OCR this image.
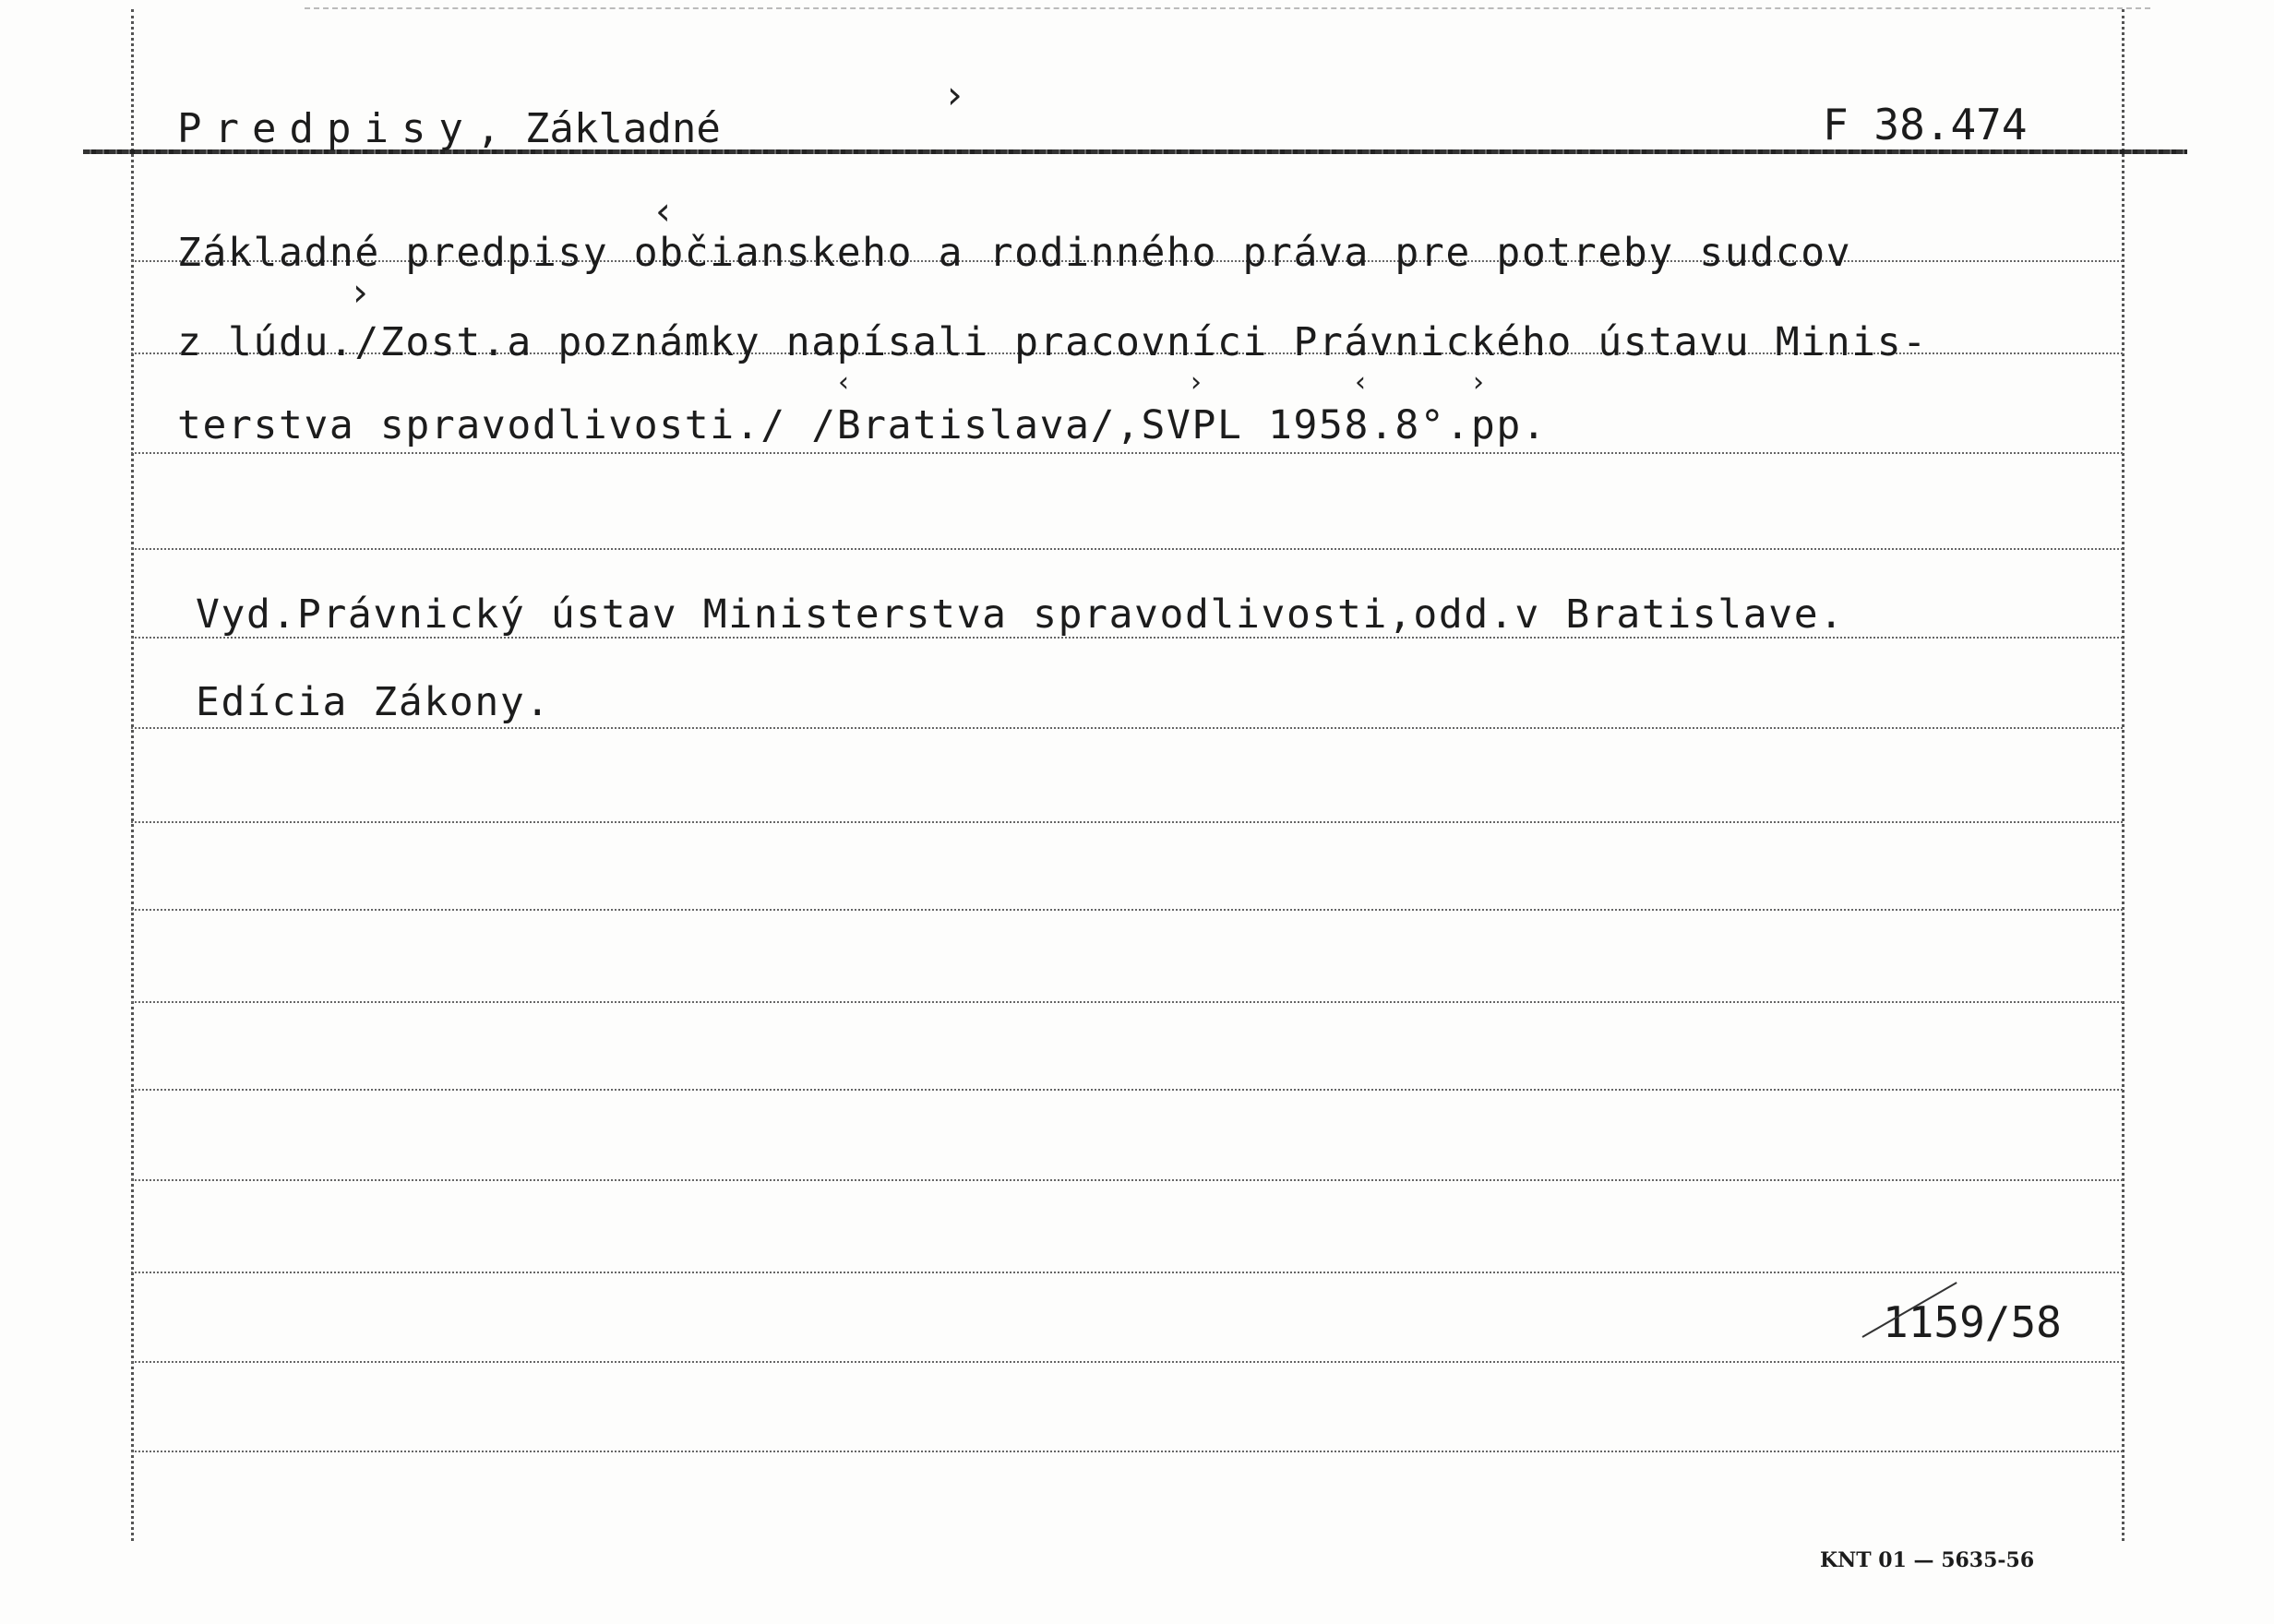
Predpisy, Základné	F 38.474

Základné predpisy občianskeho a rodinného práva pre potreby sudcov

z lúdu./Zost.a poznámky napísali pracovníci Právnického ústavu Minis-

terstva spravodlivosti./ /Bratislava/,SVPL 1958.8°.pp.

Vyd.Právnický ústav Ministerstva spravodlivosti,odd.v Bratislave.

Edícia Zákony.

›
‹
›
‹	›	‹	›

1159/58

KNT 01 — 5635-56
